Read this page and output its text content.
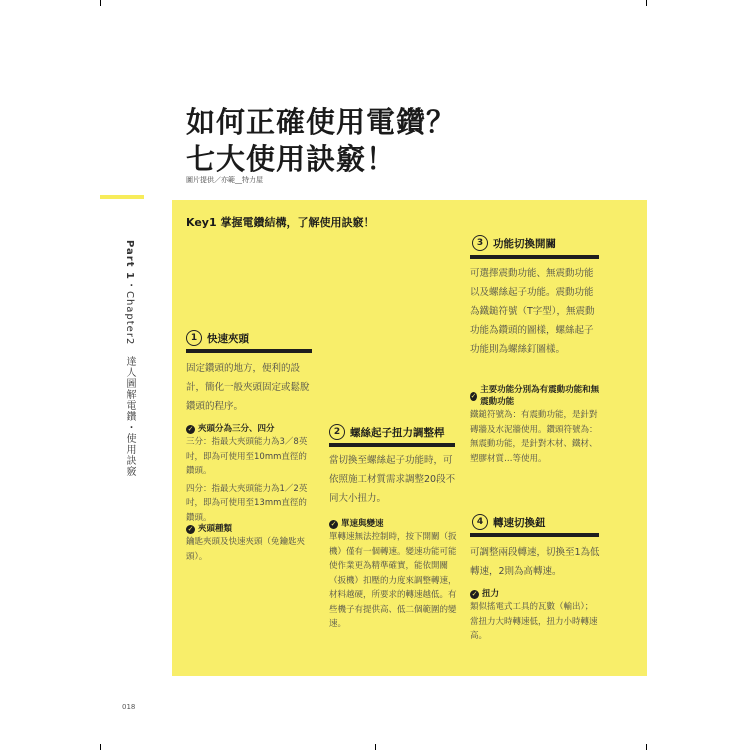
如何正確使用電鑽？
七大使用訣竅！
圖片提供／亦範__特力屋
Part 1・Chapter2　達人圖解電鑽・使用訣竅
Key1 掌握電鑽結構，了解使用訣竅！
1 快速夾頭

固定鑽頭的地方，便利的設計，簡化一般夾頭固定或鬆脫鑽頭的程序。

✓ 夾頭分為三分、四分
三分：指最大夾頭能力為3／8英吋，即為可使用至10mm直徑的鑽頭。
四分：指最大夾頭能力為1／2英吋，即為可使用至13mm直徑的鑽頭。
✓ 夾頭種類
鑰匙夾頭及快速夾頭（免鑰匙夾頭）。
2 螺絲起子扭力調整桿

當切換至螺絲起子功能時，可依照施工材質需求調整20段不同大小扭力。

✓ 單速與變速
單轉速無法控制時，按下開關（扳機）僅有一個轉速。變速功能可能使作業更為精準確實，能依開關（扳機）扣壓的力度來調整轉速，材料越硬，所要求的轉速越低。有些機子有提供高、低二個範圍的變速。
3 功能切換開關

可選擇震動功能、無震動功能以及螺絲起子功能。震動功能為鐵鎚符號（T字型），無震動功能為鑽頭的圖樣，螺絲起子功能則為螺絲釘圖樣。

✓
主要功能分別為有震動功能和無震動功能
鐵鎚符號為：有震動功能，是針對磚牆及水泥牆使用。鑽頭符號為：無震動功能，是針對木材、鐵材、塑膠材質…等使用。
4 轉速切換鈕

可調整兩段轉速，切換至1為低轉速，2則為高轉速。

✓ 扭力
類似搖電式工具的瓦數（輸出）；當扭力大時轉速低，扭力小時轉速高。
018
